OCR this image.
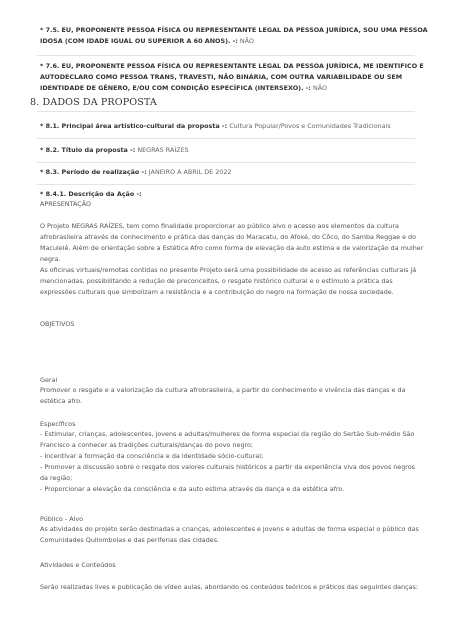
* 7.5. EU, PROPONENTE PESSOA FÍSICA OU REPRESENTANTE LEGAL DA PESSOA JURÍDICA, SOU UMA PESSOA
IDOSA (COM IDADE IGUAL OU SUPERIOR A 60 ANOS). -: NÃO
* 7.6. EU, PROPONENTE PESSOA FÍSICA OU REPRESENTANTE LEGAL DA PESSOA JURÍDICA, ME IDENTIFICO E
AUTODECLARO COMO PESSOA TRANS, TRAVESTI, NÃO BINÁRIA, COM OUTRA VARIABILIDADE OU SEM
IDENTIDADE DE GÊNERO, E/OU COM CONDIÇÃO ESPECÍFICA (INTERSEXO). -: NÃO
8. DADOS DA PROPOSTA
* 8.1. Principal área artístico-cultural da proposta -: Cultura Popular/Povos e Comunidades Tradicionais
* 8.2. Título da proposta -: NEGRAS RAÍZES
* 8.3. Período de realização -: JANEIRO A ABRIL DE 2022
* 8.4.1. Descrição da Ação -:
APRESENTAÇÃO
O Projeto NEGRAS RAÍZES, tem como finalidade proporcionar ao público alvo o acesso aos elementos da cultura
afrobrasileira através de conhecimento e prática das danças do Maracatu, do Afoxé, do Côco, do Samba Reggae e do
Maculelê. Além de orientação sobre a Estética Afro como forma de elevação da auto estima e de valorização da mulher
negra.
As oficinas virtuais/remotas contidas no presente Projeto será uma possibilidade de acesso as referências culturais já
mencionadas, possibilitando a redução de preconceitos, o resgate histórico cultural e o estímulo a prática das
expressões culturais que simbolizam a resistência e a contribuição do negro na formação de nossa sociedade.
OBJETIVOS
Geral
Promover o resgate e a valorização da cultura afrobrasileira, a partir do conhecimento e vivência das danças e da
estética afro.
Específicos
- Estimular, crianças, adolescentes, jovens e adultas/mulheres de forma especial da região do Sertão Sub-médio São
Francisco a conhecer as tradições culturais/danças do povo negro;
- Incentivar a formação da consciência e da identidade sócio-cultural;
- Promover a discussão sobre o resgate dos valores culturais históricos a partir da experiência viva dos povos negros
da região;
- Proporcionar a elevação da consciência e da auto estima através da dança e da estética afro.
Público - Alvo
As atividades do projeto serão destinadas a crianças, adolescentes e jovens e adultas de forma especial o público das
Comunidades Quilombolas e das periferias das cidades.
Atividades e Conteúdos
Serão realizadas lives e publicação de vídeo aulas, abordando os conteúdos teóricos e práticos das seguintes danças:
